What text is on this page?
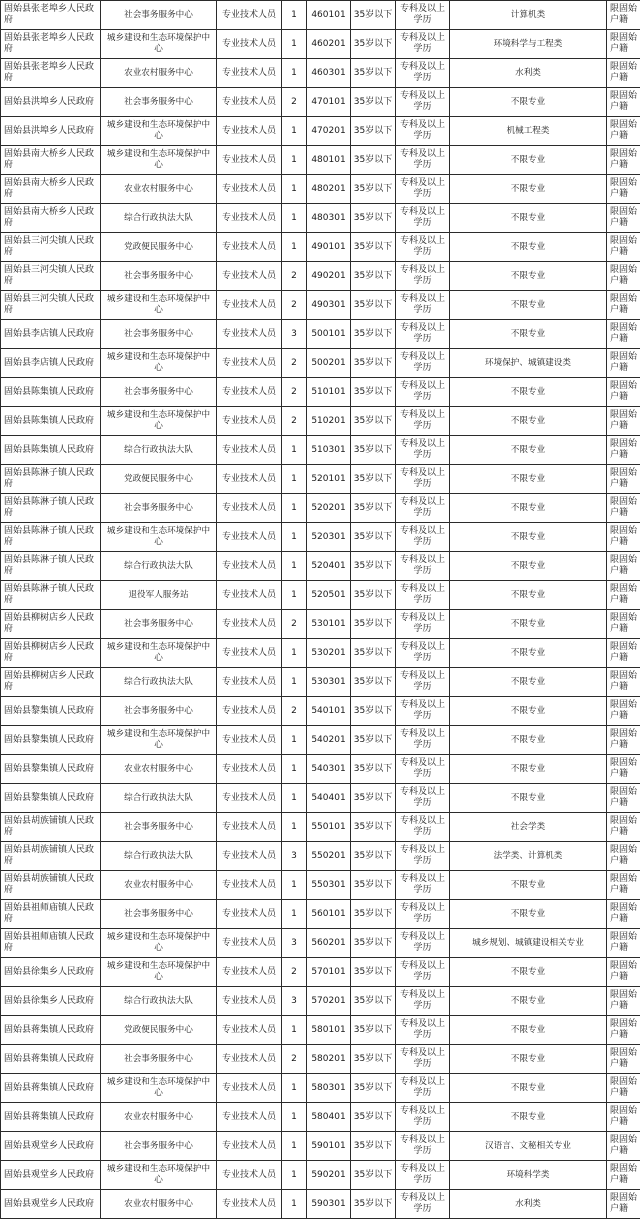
固始县张老埠乡人民政府	社会事务服务中心	专业技术人员	1	460101	35岁以下	专科及以上学历	计算机类	限固始户籍
固始县张老埠乡人民政府	城乡建设和生态环境保护中心	专业技术人员	1	460201	35岁以下	专科及以上学历	环境科学与工程类	限固始户籍
固始县张老埠乡人民政府	农业农村服务中心	专业技术人员	1	460301	35岁以下	专科及以上学历	水利类	限固始户籍
固始县洪埠乡人民政府	社会事务服务中心	专业技术人员	2	470101	35岁以下	专科及以上学历	不限专业	限固始户籍
固始县洪埠乡人民政府	城乡建设和生态环境保护中心	专业技术人员	1	470201	35岁以下	专科及以上学历	机械工程类	限固始户籍
固始县南大桥乡人民政府	城乡建设和生态环境保护中心	专业技术人员	1	480101	35岁以下	专科及以上学历	不限专业	限固始户籍
固始县南大桥乡人民政府	农业农村服务中心	专业技术人员	1	480201	35岁以下	专科及以上学历	不限专业	限固始户籍
固始县南大桥乡人民政府	综合行政执法大队	专业技术人员	1	480301	35岁以下	专科及以上学历	不限专业	限固始户籍
固始县三河尖镇人民政府	党政便民服务中心	专业技术人员	1	490101	35岁以下	专科及以上学历	不限专业	限固始户籍
固始县三河尖镇人民政府	社会事务服务中心	专业技术人员	2	490201	35岁以下	专科及以上学历	不限专业	限固始户籍
固始县三河尖镇人民政府	城乡建设和生态环境保护中心	专业技术人员	2	490301	35岁以下	专科及以上学历	不限专业	限固始户籍
固始县李店镇人民政府	社会事务服务中心	专业技术人员	3	500101	35岁以下	专科及以上学历	不限专业	限固始户籍
固始县李店镇人民政府	城乡建设和生态环境保护中心	专业技术人员	2	500201	35岁以下	专科及以上学历	环境保护、城镇建设类	限固始户籍
固始县陈集镇人民政府	社会事务服务中心	专业技术人员	2	510101	35岁以下	专科及以上学历	不限专业	限固始户籍
固始县陈集镇人民政府	城乡建设和生态环境保护中心	专业技术人员	2	510201	35岁以下	专科及以上学历	不限专业	限固始户籍
固始县陈集镇人民政府	综合行政执法大队	专业技术人员	1	510301	35岁以下	专科及以上学历	不限专业	限固始户籍
固始县陈淋子镇人民政府	党政便民服务中心	专业技术人员	1	520101	35岁以下	专科及以上学历	不限专业	限固始户籍
固始县陈淋子镇人民政府	社会事务服务中心	专业技术人员	1	520201	35岁以下	专科及以上学历	不限专业	限固始户籍
固始县陈淋子镇人民政府	城乡建设和生态环境保护中心	专业技术人员	1	520301	35岁以下	专科及以上学历	不限专业	限固始户籍
固始县陈淋子镇人民政府	综合行政执法大队	专业技术人员	1	520401	35岁以下	专科及以上学历	不限专业	限固始户籍
固始县陈淋子镇人民政府	退役军人服务站	专业技术人员	1	520501	35岁以下	专科及以上学历	不限专业	限固始户籍
固始县柳树店乡人民政府	社会事务服务中心	专业技术人员	2	530101	35岁以下	专科及以上学历	不限专业	限固始户籍
固始县柳树店乡人民政府	城乡建设和生态环境保护中心	专业技术人员	1	530201	35岁以下	专科及以上学历	不限专业	限固始户籍
固始县柳树店乡人民政府	综合行政执法大队	专业技术人员	1	530301	35岁以下	专科及以上学历	不限专业	限固始户籍
固始县黎集镇人民政府	社会事务服务中心	专业技术人员	2	540101	35岁以下	专科及以上学历	不限专业	限固始户籍
固始县黎集镇人民政府	城乡建设和生态环境保护中心	专业技术人员	1	540201	35岁以下	专科及以上学历	不限专业	限固始户籍
固始县黎集镇人民政府	农业农村服务中心	专业技术人员	1	540301	35岁以下	专科及以上学历	不限专业	限固始户籍
固始县黎集镇人民政府	综合行政执法大队	专业技术人员	1	540401	35岁以下	专科及以上学历	不限专业	限固始户籍
固始县胡族铺镇人民政府	社会事务服务中心	专业技术人员	1	550101	35岁以下	专科及以上学历	社会学类	限固始户籍
固始县胡族铺镇人民政府	综合行政执法大队	专业技术人员	3	550201	35岁以下	专科及以上学历	法学类、计算机类	限固始户籍
固始县胡族铺镇人民政府	农业农村服务中心	专业技术人员	1	550301	35岁以下	专科及以上学历	不限专业	限固始户籍
固始县祖师庙镇人民政府	社会事务服务中心	专业技术人员	1	560101	35岁以下	专科及以上学历	不限专业	限固始户籍
固始县祖师庙镇人民政府	城乡建设和生态环境保护中心	专业技术人员	3	560201	35岁以下	专科及以上学历	城乡规划、城镇建设相关专业	限固始户籍
固始县徐集乡人民政府	城乡建设和生态环境保护中心	专业技术人员	2	570101	35岁以下	专科及以上学历	不限专业	限固始户籍
固始县徐集乡人民政府	综合行政执法大队	专业技术人员	3	570201	35岁以下	专科及以上学历	不限专业	限固始户籍
固始县蒋集镇人民政府	党政便民服务中心	专业技术人员	1	580101	35岁以下	专科及以上学历	不限专业	限固始户籍
固始县蒋集镇人民政府	社会事务服务中心	专业技术人员	2	580201	35岁以下	专科及以上学历	不限专业	限固始户籍
固始县蒋集镇人民政府	城乡建设和生态环境保护中心	专业技术人员	1	580301	35岁以下	专科及以上学历	不限专业	限固始户籍
固始县蒋集镇人民政府	农业农村服务中心	专业技术人员	1	580401	35岁以下	专科及以上学历	不限专业	限固始户籍
固始县观堂乡人民政府	社会事务服务中心	专业技术人员	1	590101	35岁以下	专科及以上学历	汉语言、文秘相关专业	限固始户籍
固始县观堂乡人民政府	城乡建设和生态环境保护中心	专业技术人员	1	590201	35岁以下	专科及以上学历	环境科学类	限固始户籍
固始县观堂乡人民政府	农业农村服务中心	专业技术人员	1	590301	35岁以下	专科及以上学历	水利类	限固始户籍
